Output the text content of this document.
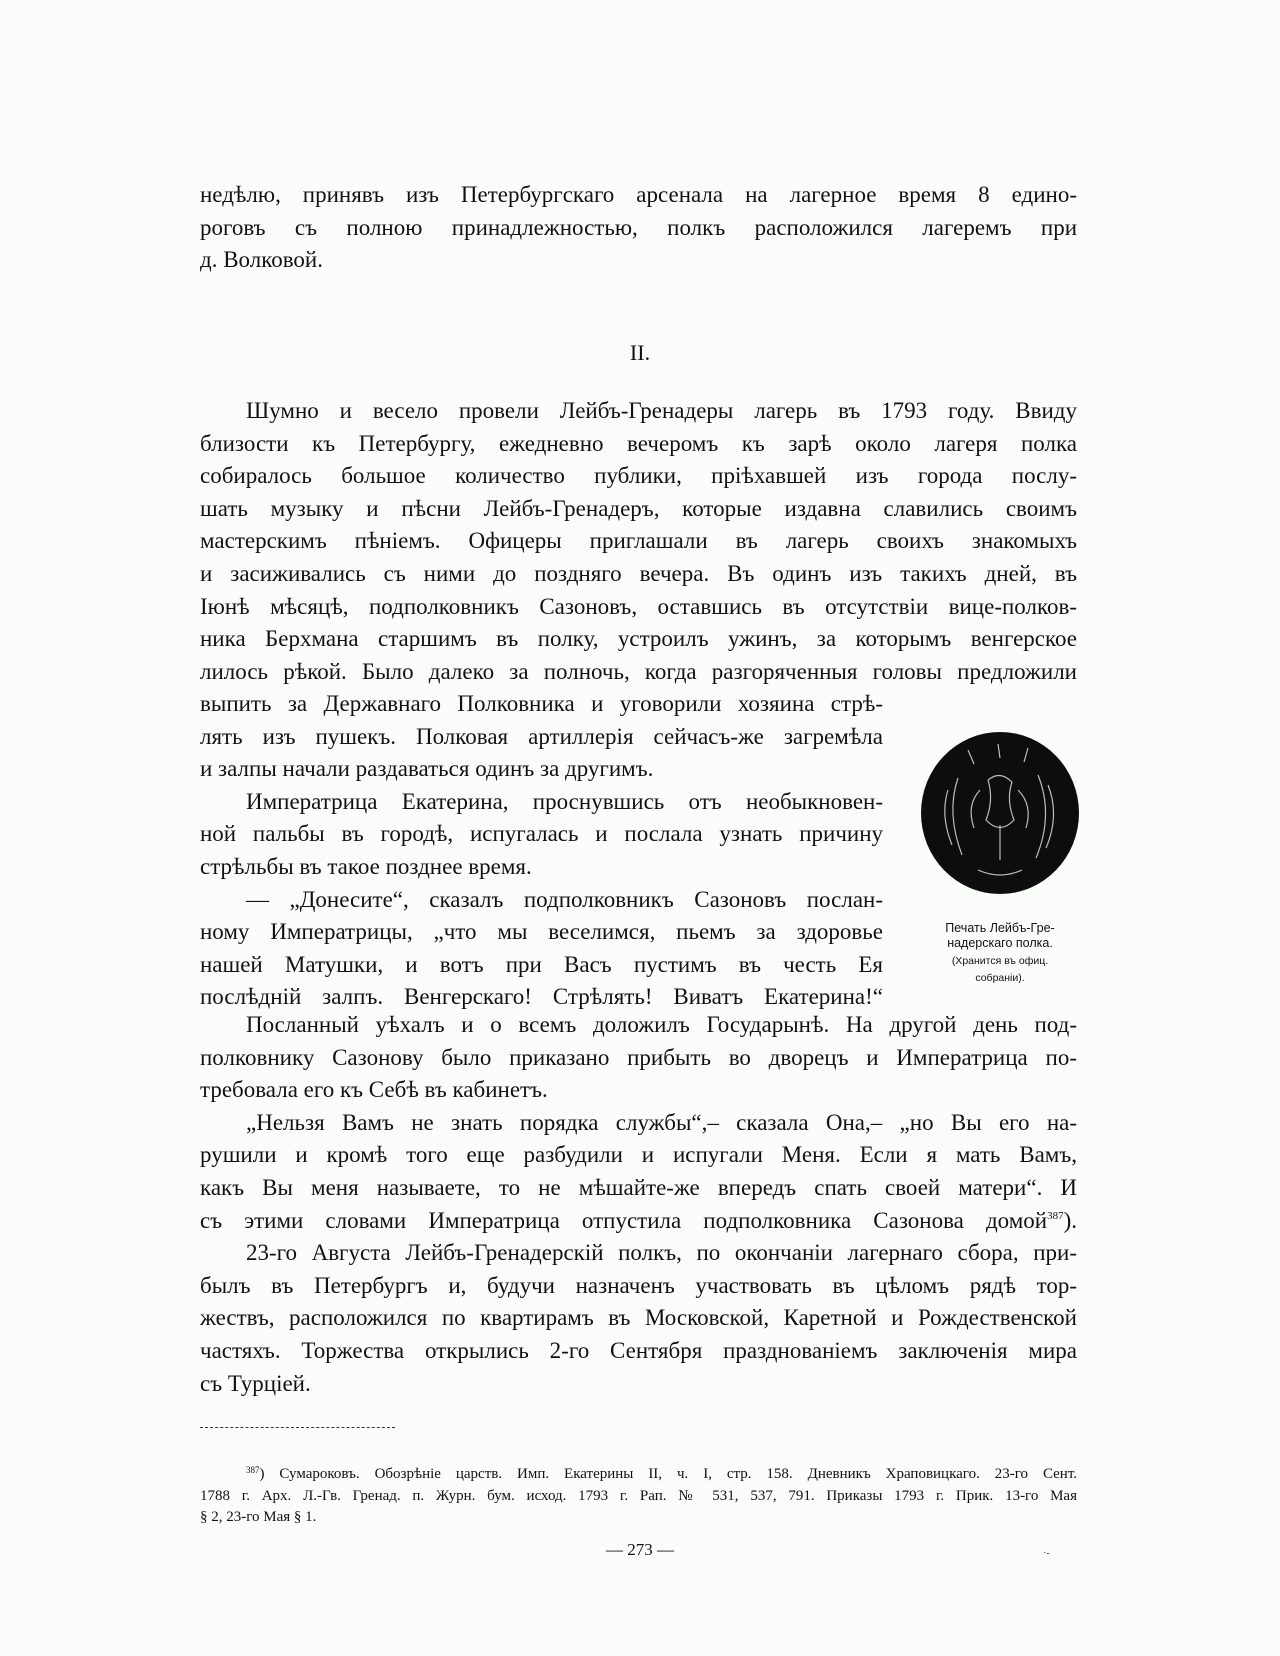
недѣлю, принявъ изъ Петербургскаго арсенала на лагерное время 8 едино-
роговъ съ полною принадлежностью, полкъ расположился лагеремъ при
д. Волковой.
II.
Шумно и весело провели Лейбъ-Гренадеры лагерь въ 1793 году. Ввиду
близости къ Петербургу, ежедневно вечеромъ къ зарѣ около лагеря полка
собиралось большое количество публики, прiѣхавшей изъ города послу-
шать музыку и пѣсни Лейбъ-Гренадеръ, которые издавна славились своимъ
мастерскимъ пѣнiемъ. Офицеры приглашали въ лагерь своихъ знакомыхъ
и засиживались съ ними до поздняго вечера. Въ одинъ изъ такихъ дней, въ
Iюнѣ мѣсяцѣ, подполковникъ Сазоновъ, оставшись въ отсутствiи вице-полков-
ника Берхмана старшимъ въ полку, устроилъ ужинъ, за которымъ венгерское
лилось рѣкой. Было далеко за полночь, когда разгоряченныя головы предложили
выпить за Державнаго Полковника и уговорили хозяина стрѣ-
лять изъ пушекъ. Полковая артиллерiя сейчасъ-же загремѣла
и залпы начали раздаваться одинъ за другимъ.
Императрица Екатерина, проснувшись отъ необыкновен-
ной пальбы въ городѣ, испугалась и послала узнать причину
стрѣльбы въ такое позднее время.
— „Донесите“, сказалъ подполковникъ Сазоновъ послан-
ному Императрицы, „что мы веселимся, пьемъ за здоровье
нашей Матушки, и вотъ при Васъ пустимъ въ честь Ея
послѣднiй залпъ. Венгерскаго! Стрѣлять! Виватъ Екатерина!“
Посланный уѣхалъ и о всемъ доложилъ Государынѣ. На другой день под-
полковнику Сазонову было приказано прибыть во дворецъ и Императрица по-
требовала его къ Себѣ въ кабинетъ.
„Нельзя Вамъ не знать порядка службы“,– сказала Она,– „но Вы его на-
рушили и кромѣ того еще разбудили и испугали Меня. Если я мать Вамъ,
какъ Вы меня называете, то не мѣшайте-же впередъ спать своей матери“. И
съ этими словами Императрица отпустила подполковника Сазонова домой$^{387}$).
23-го Августа Лейбъ-Гренадерскiй полкъ, по окончанiи лагернаго сбора, при-
былъ въ Петербургъ и, будучи назначенъ участвовать въ цѣломъ рядѣ тор-
жествъ, расположился по квартирамъ въ Московской, Каретной и Рождественской
частяхъ. Торжества открылись 2-го Сентября празднованiемъ заключенiя мира
съ Турцiей.
Печать Лейбъ-Гре-
надерскаго полка.
(Хранится въ офиц.
собранiи).
$^{387}$) Сумароковъ. Обозрѣнiе царств. Имп. Екатерины II, ч. I, стр. 158. Дневникъ Храповицкаго. 23-го Сент.
1788 г. Арх. Л.-Гв. Гренад. п. Журн. бум. исход. 1793 г. Рап. № 531, 537, 791. Приказы 1793 г. Прик. 13-го Мая
§ 2, 23-го Мая § 1.
— 273 —	·-
